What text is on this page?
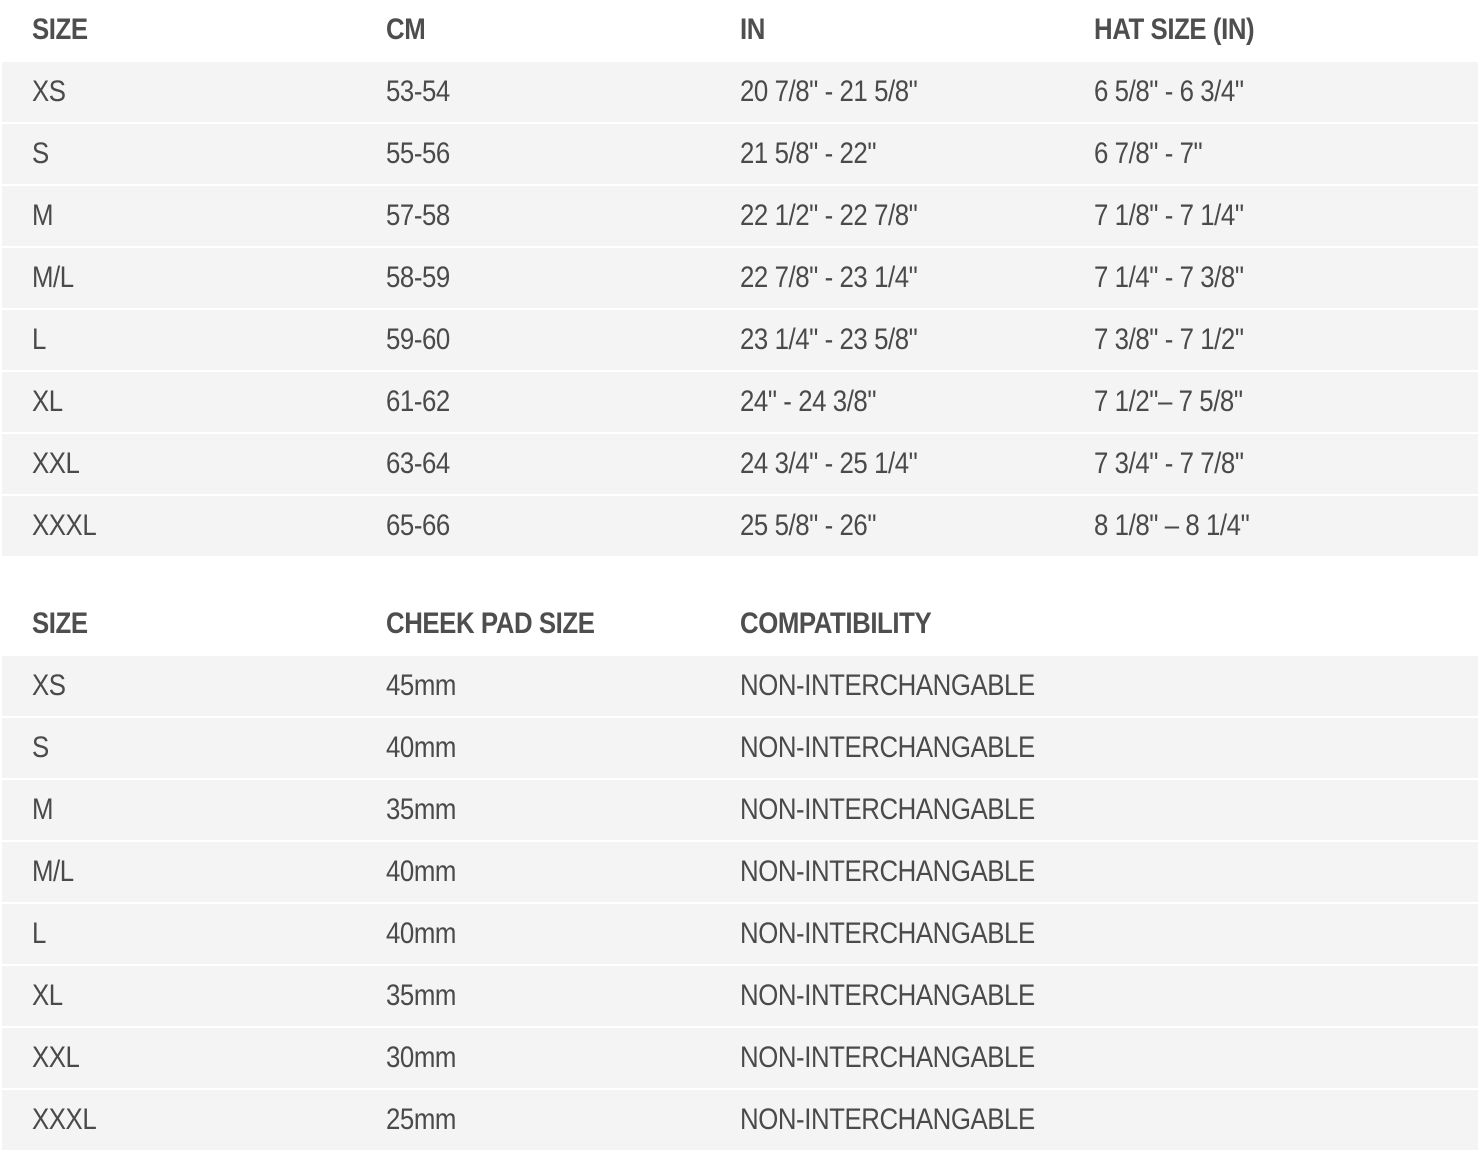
SIZE	CM	IN	HAT SIZE (IN)
XS	53-54	20 7/8" - 21 5/8"	6 5/8" - 6 3/4"
S	55-56	21 5/8" - 22"	6 7/8" - 7"
M	57-58	22 1/2" - 22 7/8"	7 1/8" - 7 1/4"
M/L	58-59	22 7/8" - 23 1/4"	7 1/4" - 7 3/8"
L	59-60	23 1/4" - 23 5/8"	7 3/8" - 7 1/2"
XL	61-62	24" - 24 3/8"	7 1/2"– 7 5/8"
XXL	63-64	24 3/4" - 25 1/4"	7 3/4" - 7 7/8"
XXXL	65-66	25 5/8" - 26"	8 1/8" – 8 1/4"
SIZE	CHEEK PAD SIZE	COMPATIBILITY
XS	45mm	NON-INTERCHANGABLE
S	40mm	NON-INTERCHANGABLE
M	35mm	NON-INTERCHANGABLE
M/L	40mm	NON-INTERCHANGABLE
L	40mm	NON-INTERCHANGABLE
XL	35mm	NON-INTERCHANGABLE
XXL	30mm	NON-INTERCHANGABLE
XXXL	25mm	NON-INTERCHANGABLE
